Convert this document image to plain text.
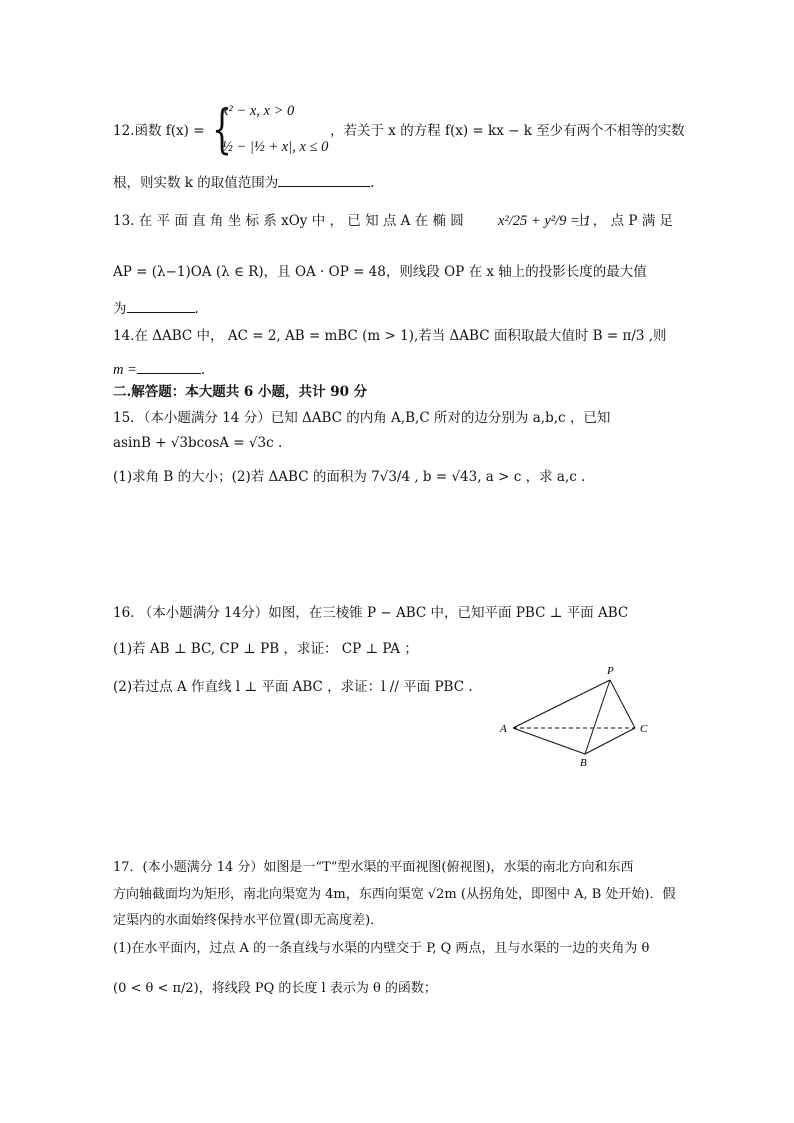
12.函数 f(x) = {
x² − x, x > 0
½ − |½ + x|, x ≤ 0
，若关于 x 的方程 f(x) = kx − k 至少有两个不相等的实数
根，则实数 k 的取值范围为	.
13. 在 平 面 直 角 坐 标 系 xOy 中 ， 已 知 点 A 在 椭 圆 x²/25 + y²/9 = 1
上 ， 点 P 满 足
AP = (λ−1)OA (λ ∈ R)，且 OA · OP = 48，则线段 OP 在 x 轴上的投影长度的最大值
为	.
14.在 ΔABC 中， AC = 2, AB = mBC (m > 1),若当 ΔABC 面积取最大值时 B = π/3 ,则
m =	.
二.解答题：本大题共 6 小题，共计 90 分
15．（本小题满分 14 分）已知 ΔABC 的内角 A,B,C 所对的边分别为 a,b,c ，已知
asinB + √3bcosA = √3c .
(1)求角 B 的大小；(2)若 ΔABC 的面积为 7√3/4 , b = √43, a > c ，求 a,c .
16. （本小题满分 14分）如图，在三棱锥 P − ABC 中，已知平面 PBC ⊥ 平面 ABC
(1)若 AB ⊥ BC, CP ⊥ PB ，求证： CP ⊥ PA ；
(2)若过点 A 作直线 l ⊥ 平面 ABC ，求证：l // 平面 PBC .
P
A
B
C
17．(本小题满分 14 分）如图是一“T”型水渠的平面视图(俯视图)，水渠的南北方向和东西
方向轴截面均为矩形，南北向渠宽为 4m，东西向渠宽 √2m (从拐角处，即图中 A, B 处开始)．假
定渠内的水面始终保持水平位置(即无高度差)．
(1)在水平面内，过点 A 的一条直线与水渠的内壁交于 P, Q 两点，且与水渠的一边的夹角为 θ
(0 < θ < π/2)，将线段 PQ 的长度 l 表示为 θ 的函数；
